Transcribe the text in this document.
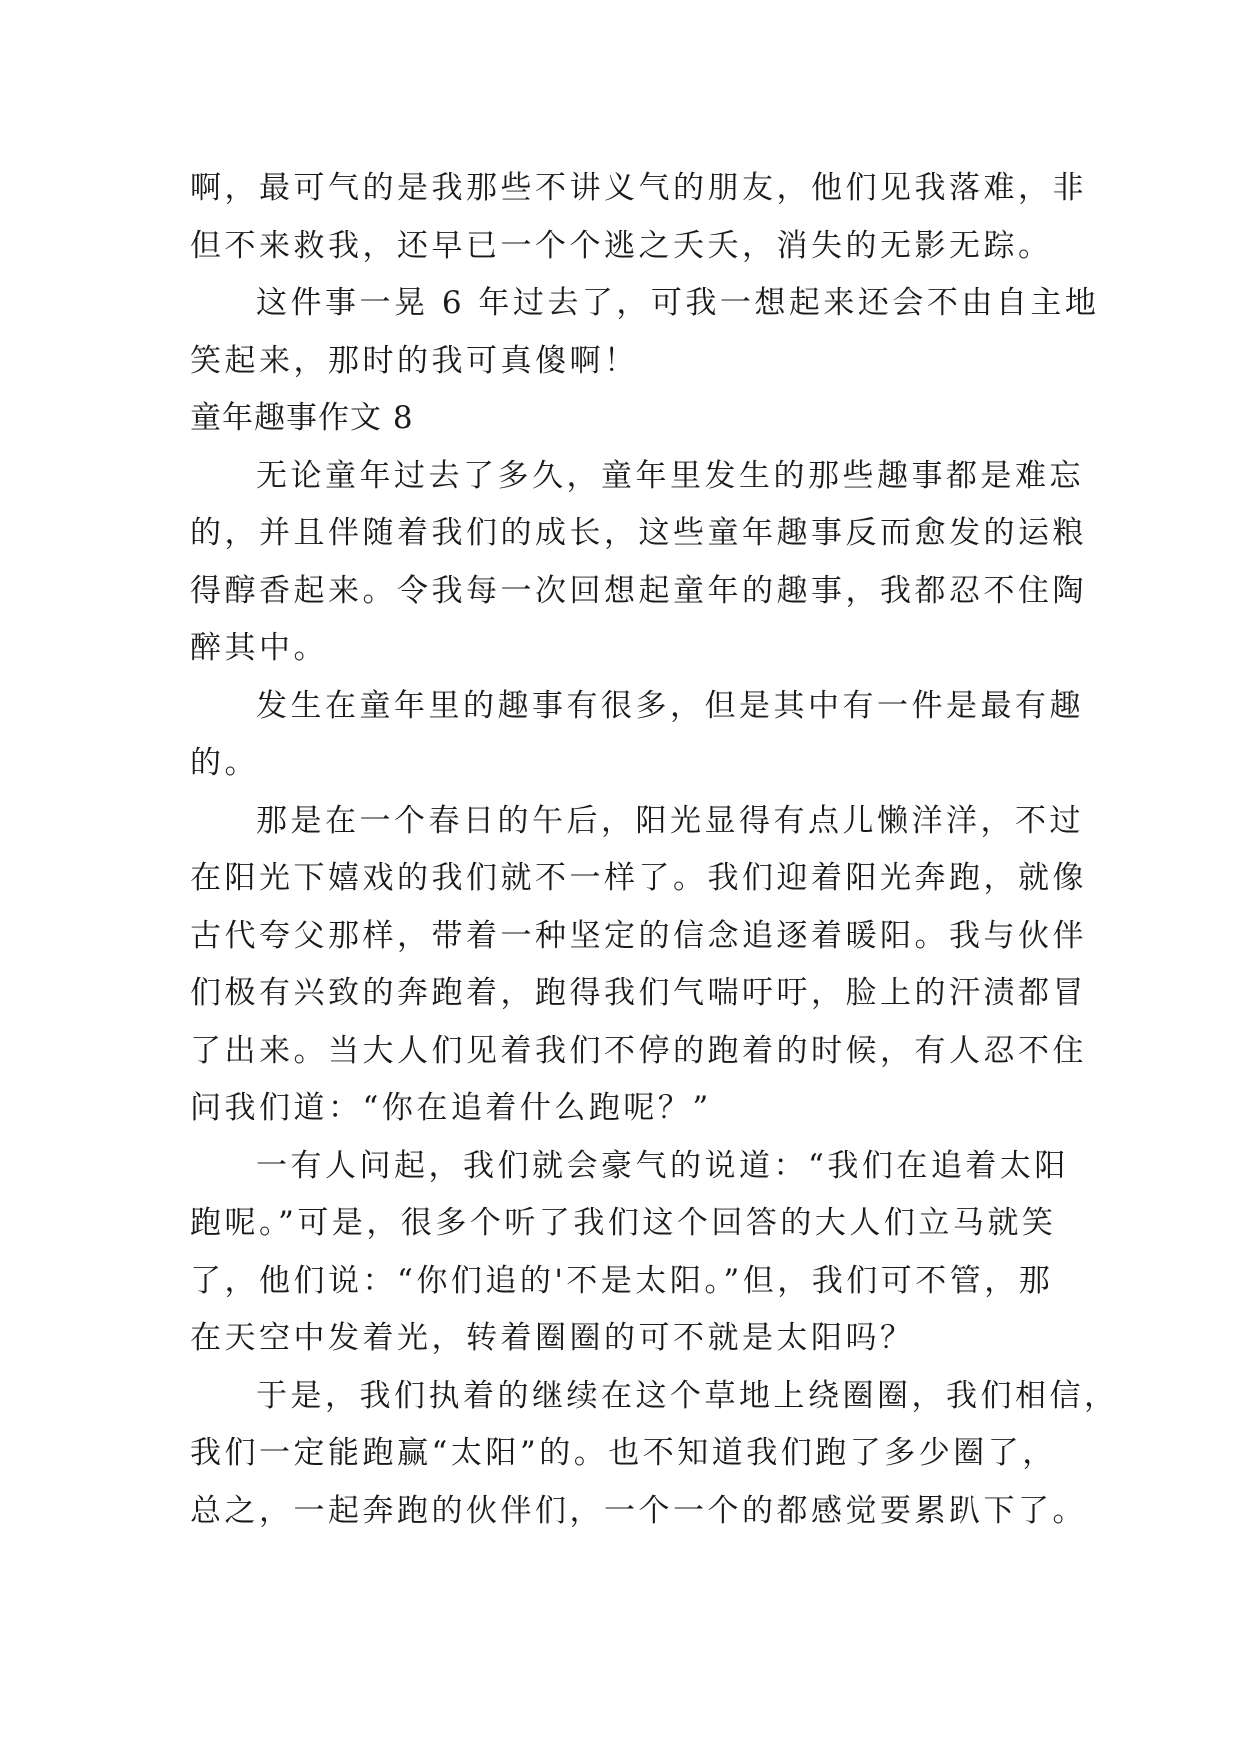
啊，最可气的是我那些不讲义气的朋友，他们见我落难，非
但不来救我，还早已一个个逃之夭夭，消失的无影无踪。
这件事一晃 6 年过去了，可我一想起来还会不由自主地
笑起来，那时的我可真傻啊！
童年趣事作文 8
无论童年过去了多久，童年里发生的那些趣事都是难忘
的，并且伴随着我们的成长，这些童年趣事反而愈发的运粮
得醇香起来。令我每一次回想起童年的趣事，我都忍不住陶
醉其中。
发生在童年里的趣事有很多，但是其中有一件是最有趣
的。
那是在一个春日的午后，阳光显得有点儿懒洋洋，不过
在阳光下嬉戏的我们就不一样了。我们迎着阳光奔跑，就像
古代夸父那样，带着一种坚定的信念追逐着暖阳。我与伙伴
们极有兴致的奔跑着，跑得我们气喘吁吁，脸上的汗渍都冒
了出来。当大人们见着我们不停的跑着的时候，有人忍不住
问我们道：“你在追着什么跑呢？”
一有人问起，我们就会豪气的说道：“我们在追着太阳
跑呢。”可是，很多个听了我们这个回答的大人们立马就笑
了，他们说：“你们追的'不是太阳。”但，我们可不管，那
在天空中发着光，转着圈圈的可不就是太阳吗？
于是，我们执着的继续在这个草地上绕圈圈，我们相信，
我们一定能跑赢“太阳”的。也不知道我们跑了多少圈了，
总之，一起奔跑的伙伴们，一个一个的都感觉要累趴下了。
